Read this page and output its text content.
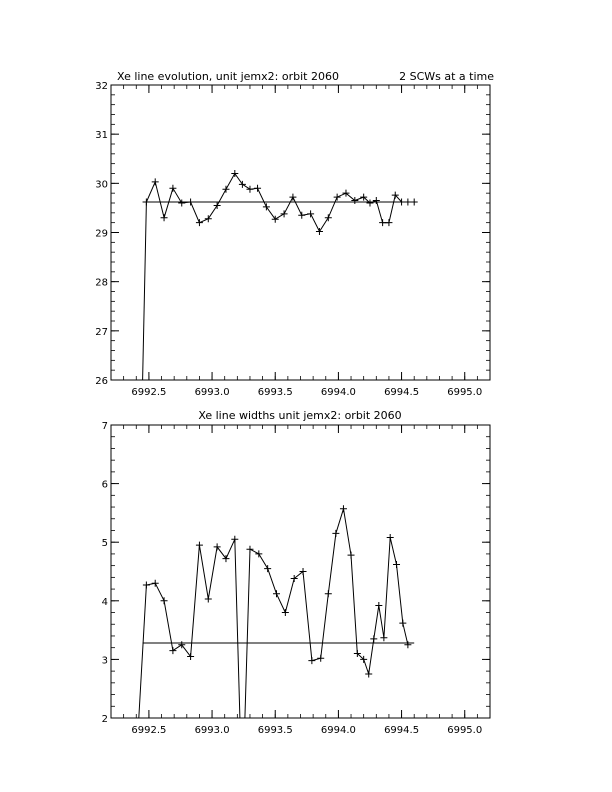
Xe line evolution, unit jemx2: orbit 2060	2 SCWs at a time
6992.5	6993.0	6993.5	6994.0	6994.5	6995.0
26
27
28
29
30
31
32
Xe line widths unit jemx2: orbit 2060
6992.5	6993.0	6993.5	6994.0	6994.5	6995.0
2
3
4
5
6
7
